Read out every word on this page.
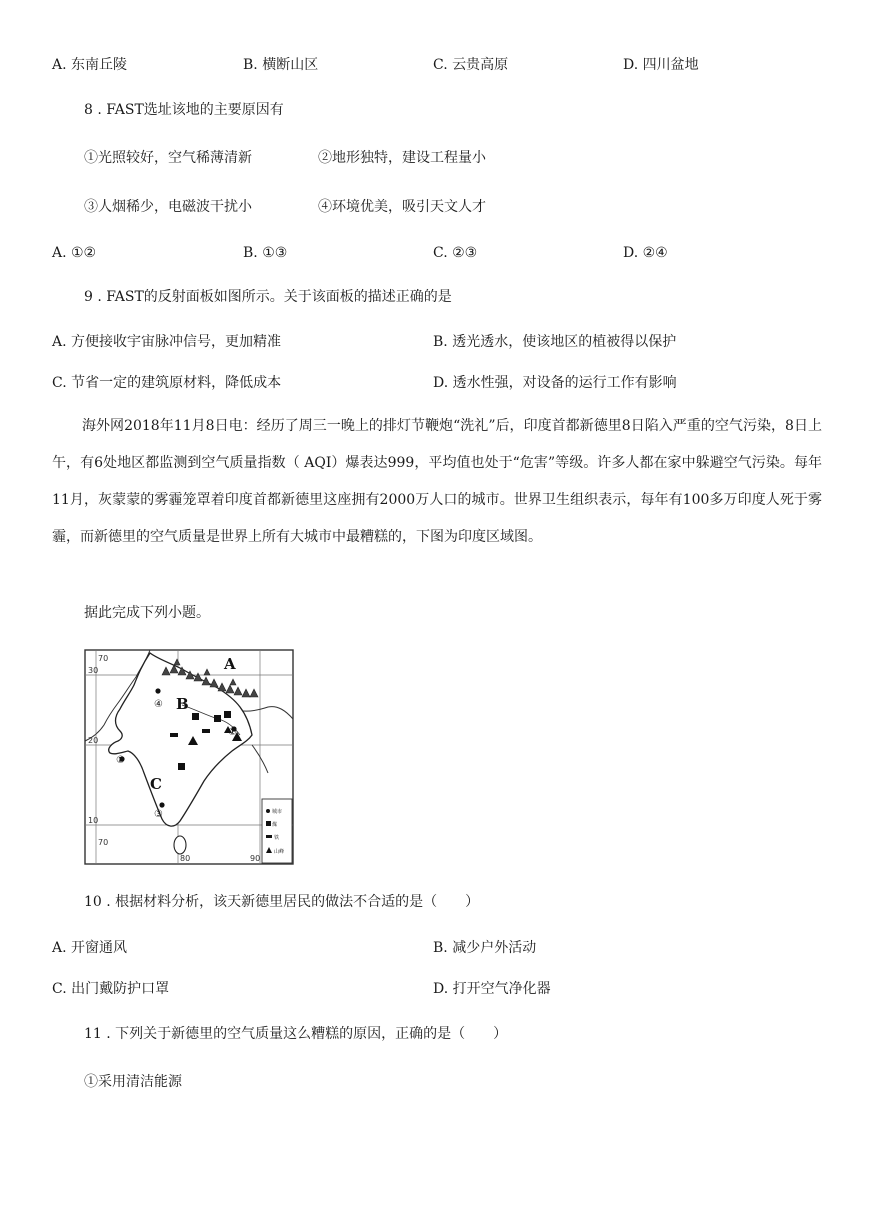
A. 东南丘陵	B. 横断山区	C. 云贵高原	D. 四川盆地
8 . FAST选址该地的主要原因有
①光照较好，空气稀薄清新	②地形独特，建设工程量小
③人烟稀少，电磁波干扰小	④环境优美，吸引天文人才
A. ①②	B. ①③	C. ②③	D. ②④
9 . FAST的反射面板如图所示。关于该面板的描述正确的是
A. 方便接收宇宙脉冲信号，更加精准	B. 透光透水，使该地区的植被得以保护
C. 节省一定的建筑原材料，降低成本	D. 透水性强，对设备的运行工作有影响
海外网2018年11月8日电：经历了周三一晚上的排灯节鞭炮“洗礼”后，印度首都新德里8日陷入严重的空气污染，8日上午，有6处地区都监测到空气质量指数（ AQI）爆表达999，平均值也处于“危害”等级。许多人都在家中躲避空气污染。每年11月，灰蒙蒙的雾霾笼罩着印度首都新德里这座拥有2000万人口的城市。世界卫生组织表示，每年有100多万印度人死于雾霾，而新德里的空气质量是世界上所有大城市中最糟糕的，下图为印度区域图。
据此完成下列小题。
④
①
②
③
A
B
C
70
80	90
30
20
10
70
城市
煤
铁
山峰
10 . 根据材料分析，该天新德里居民的做法不合适的是（　　）
A. 开窗通风	B. 减少户外活动
C. 出门戴防护口罩	D. 打开空气净化器
11 . 下列关于新德里的空气质量这么糟糕的原因，正确的是（　　）
①采用清洁能源
